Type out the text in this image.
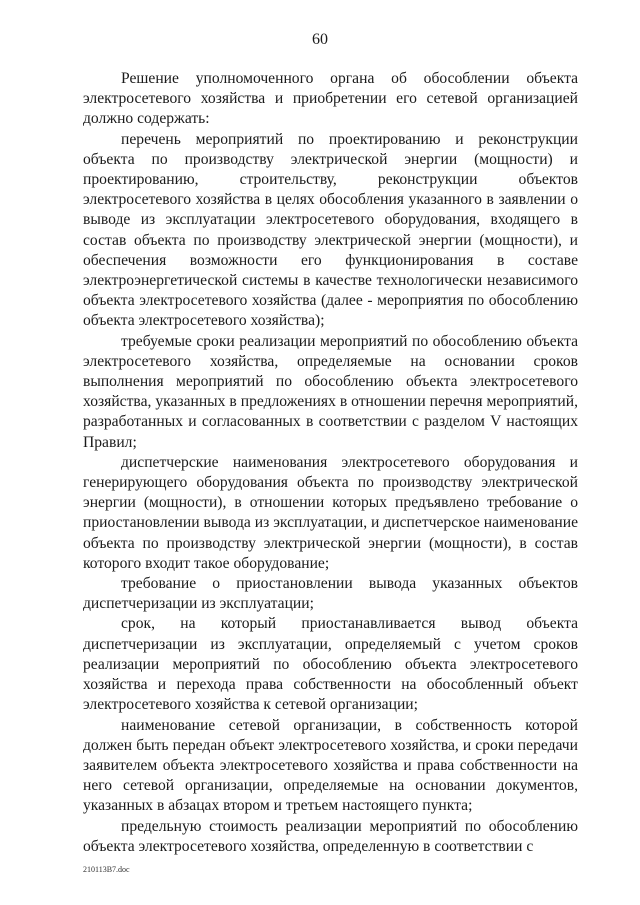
60

Решение уполномоченного органа об обособлении объекта электросетевого хозяйства и приобретении его сетевой организацией должно содержать:

перечень мероприятий по проектированию и реконструкции объекта по производству электрической энергии (мощности) и проектированию, строительству, реконструкции объектов электросетевого хозяйства в целях обособления указанного в заявлении о выводе из эксплуатации электросетевого оборудования, входящего в состав объекта по производству электрической энергии (мощности), и обеспечения возможности его функционирования в составе электроэнергетической системы в качестве технологически независимого объекта электросетевого хозяйства (далее - мероприятия по обособлению объекта электросетевого хозяйства);

требуемые сроки реализации мероприятий по обособлению объекта электросетевого хозяйства, определяемые на основании сроков выполнения мероприятий по обособлению объекта электросетевого хозяйства, указанных в предложениях в отношении перечня мероприятий, разработанных и согласованных в соответствии с разделом V настоящих Правил;

диспетчерские наименования электросетевого оборудования и генерирующего оборудования объекта по производству электрической энергии (мощности), в отношении которых предъявлено требование о приостановлении вывода из эксплуатации, и диспетчерское наименование объекта по производству электрической энергии (мощности), в состав которого входит такое оборудование;

требование о приостановлении вывода указанных объектов диспетчеризации из эксплуатации;

срок, на который приостанавливается вывод объекта диспетчеризации из эксплуатации, определяемый с учетом сроков реализации мероприятий по обособлению объекта электросетевого хозяйства и перехода права собственности на обособленный объект электросетевого хозяйства к сетевой организации;

наименование сетевой организации, в собственность которой должен быть передан объект электросетевого хозяйства, и сроки передачи заявителем объекта электросетевого хозяйства и права собственности на него сетевой организации, определяемые на основании документов, указанных в абзацах втором и третьем настоящего пункта;

предельную стоимость реализации мероприятий по обособлению объекта электросетевого хозяйства, определенную в соответствии с

210113B7.doc
